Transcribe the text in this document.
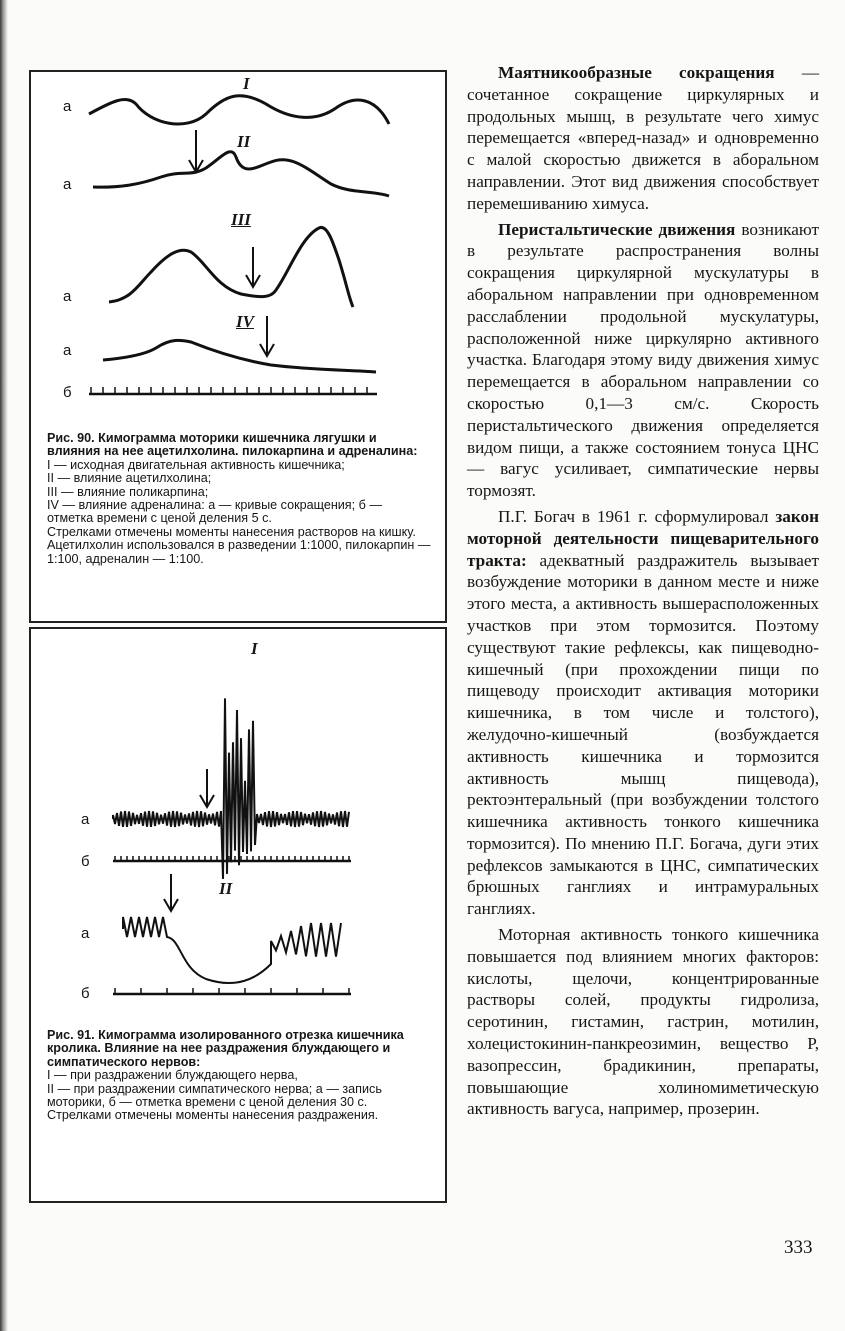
I
II
III
IV
а
а
а
а
б

Рис. 90. Кимограмма моторики кишечника лягушки и влияния на нее ацетилхолина. пилокарпина и адреналина:

I — исходная двигательная активность кишечника;

II — влияние ацетилхолина;

III — влияние поликарпина;

IV — влияние адреналина: а — кривые сокращения; б — отметка времени с ценой деления 5 с.

Стрелками отмечены моменты нанесения растворов на кишку. Ацетилхолин использовался в разведении 1:1000, пилокарпин — 1:100, адреналин — 1:100.

I
II
а
б
а
б

Рис. 91. Кимограмма изолированного отрезка кишечника кролика. Влияние на нее раздражения блуждающего и симпатического нервов:

I — при раздражении блуждающего нерва,

II — при раздражении симпатического нерва; а — запись моторики, б — отметка времени с ценой деления 30 с.

Стрелками отмечены моменты нанесения раздражения.

Маятникообразные сокращения — сочетанное сокращение циркулярных и продольных мышц, в результате чего химус перемещается «вперед-назад» и одновременно с малой скоростью движется в аборальном направлении. Этот вид движения способствует перемешиванию химуса.

Перистальтические движения возникают в результате распространения волны сокращения циркулярной мускулатуры в аборальном направлении при одновременном расслаблении продольной мускулатуры, расположенной ниже циркулярно активного участка. Благодаря этому виду движения химус перемещается в аборальном направлении со скоростью 0,1—3 см/с. Скорость перистальтического движения определяется видом пищи, а также состоянием тонуса ЦНС — вагус усиливает, симпатические нервы тормозят.

П.Г. Богач в 1961 г. сформулировал закон моторной деятельности пищеварительного тракта: адекватный раздражитель вызывает возбуждение моторики в данном месте и ниже этого места, а активность вышерасположенных участков при этом тормозится. Поэтому существуют такие рефлексы, как пищеводно-кишечный (при прохождении пищи по пищеводу происходит активация моторики кишечника, в том числе и толстого), желудочно-кишечный (возбуждается активность кишечника и тормозится активность мышц пищевода), ректоэнтеральный (при возбуждении толстого кишечника активность тонкого кишечника тормозится). По мнению П.Г. Богача, дуги этих рефлексов замыкаются в ЦНС, симпатических брюшных ганглиях и интрамуральных ганглиях.

Моторная активность тонкого кишечника повышается под влиянием многих факторов: кислоты, щелочи, концентрированные растворы солей, продукты гидролиза, серотинин, гистамин, гастрин, мотилин, холецистокинин-панкреозимин, вещество Р, вазопрессин, брадикинин, препараты, повышающие холиномиметическую активность вагуса, например, прозерин.

333
